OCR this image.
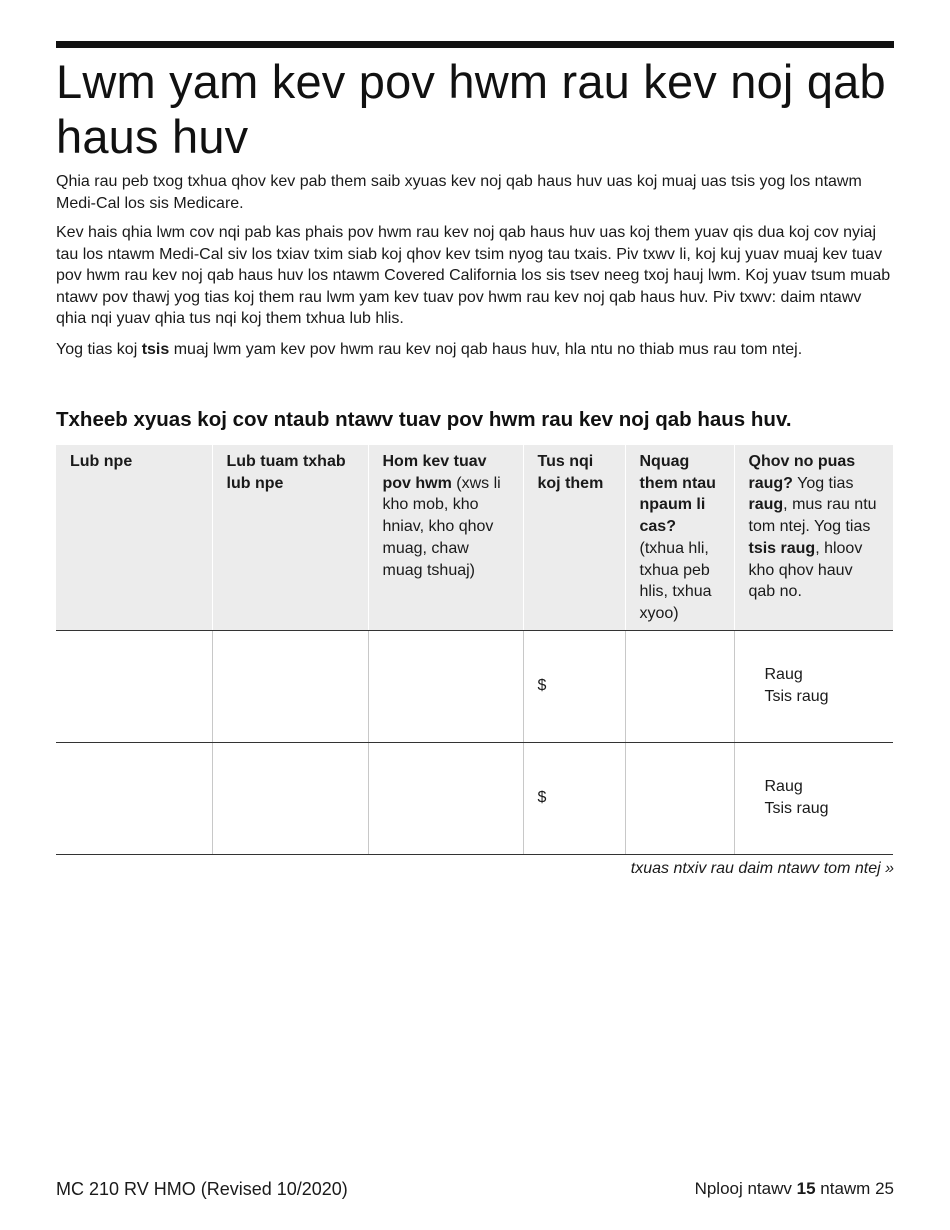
Lwm yam kev pov hwm rau kev noj qab haus huv

Qhia rau peb txog txhua qhov kev pab them saib xyuas kev noj qab haus huv uas koj muaj uas tsis yog los ntawm Medi-Cal los sis Medicare.

Kev hais qhia lwm cov nqi pab kas phais pov hwm rau kev noj qab haus huv uas koj them yuav qis dua koj cov nyiaj tau los ntawm Medi-Cal siv los txiav txim siab koj qhov kev tsim nyog tau txais. Piv txwv li, koj kuj yuav muaj kev tuav pov hwm rau kev noj qab haus huv los ntawm Covered California los sis tsev neeg txoj hauj lwm. Koj yuav tsum muab ntawv pov thawj yog tias koj them rau lwm yam kev tuav pov hwm rau kev noj qab haus huv. Piv txwv: daim ntawv qhia nqi yuav qhia tus nqi koj them txhua lub hlis.

Yog tias koj tsis muaj lwm yam kev pov hwm rau kev noj qab haus huv, hla ntu no thiab mus rau tom ntej.

Txheeb xyuas koj cov ntaub ntawv tuav pov hwm rau kev noj qab haus huv.
Lub npe	Lub tuam txhab lub npe	Hom kev tuav pov hwm (xws li kho mob, kho hniav, kho qhov muag, chaw muag tshuaj)	Tus nqi koj them	Nquag them ntau npaum li cas? (txhua hli, txhua peb hlis, txhua xyoo)	Qhov no puas raug? Yog tias raug, mus rau ntu tom ntej. Yog tias tsis raug, hloov kho qhov hauv qab no.
			$		Raug
Tsis raug

			$		Raug
Tsis raug
txuas ntxiv rau daim ntawv tom ntej »
MC 210 RV HMO (Revised 10/2020)	Nplooj ntawv 15 ntawm 25
